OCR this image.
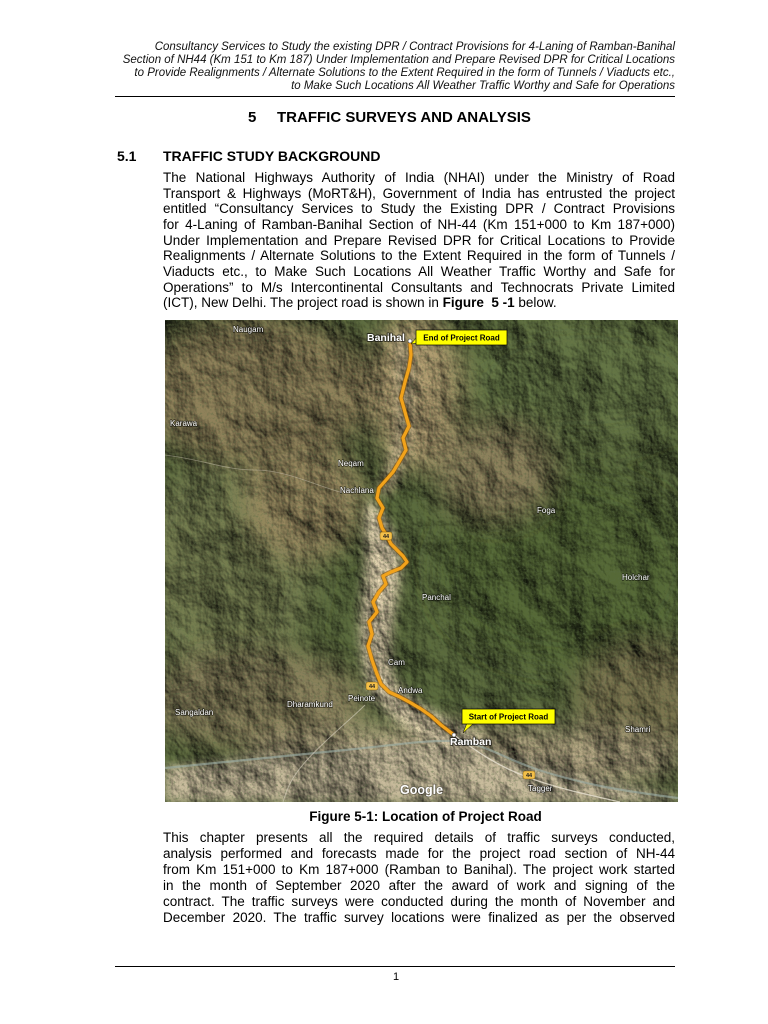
Consultancy Services to Study the existing DPR / Contract Provisions for 4-Laning of Ramban-Banihal
Section of NH44 (Km 151 to Km 187) Under Implementation and Prepare Revised DPR for Critical Locations
to Provide Realignments / Alternate Solutions to the Extent Required in the form of Tunnels / Viaducts etc.,
to Make Such Locations All Weather Traffic Worthy and Safe for Operations
5 TRAFFIC SURVEYS AND ANALYSIS
5.1 TRAFFIC STUDY BACKGROUND
The National Highways Authority of India (NHAI) under the Ministry of Road
Transport & Highways (MoRT&H), Government of India has entrusted the project
entitled “Consultancy Services to Study the Existing DPR / Contract Provisions
for 4-Laning of Ramban-Banihal Section of NH-44 (Km 151+000 to Km 187+000)
Under Implementation and Prepare Revised DPR for Critical Locations to Provide
Realignments / Alternate Solutions to the Extent Required in the form of Tunnels /
Viaducts etc., to Make Such Locations All Weather Traffic Worthy and Safe for
Operations” to M/s Intercontinental Consultants and Technocrats Private Limited
(ICT), New Delhi. The project road is shown in Figure  5 -1 below.
44
44
44
Naugam
Banihal
Karawa
Neqam
Nachlana
Foga
Holchar
Panchal
Cam
Andwa
Peinote
Dharamkund
Sangaldan
Shamri
Ramban
Tagger
End of Project Road
Start of Project Road
Google
Figure 5-1: Location of Project Road
This chapter presents all the required details of traffic surveys conducted,
analysis performed and forecasts made for the project road section of NH-44
from Km 151+000 to Km 187+000 (Ramban to Banihal). The project work started
in the month of September 2020 after the award of work and signing of the
contract. The traffic surveys were conducted during the month of November and
December 2020. The traffic survey locations were finalized as per the observed
1
